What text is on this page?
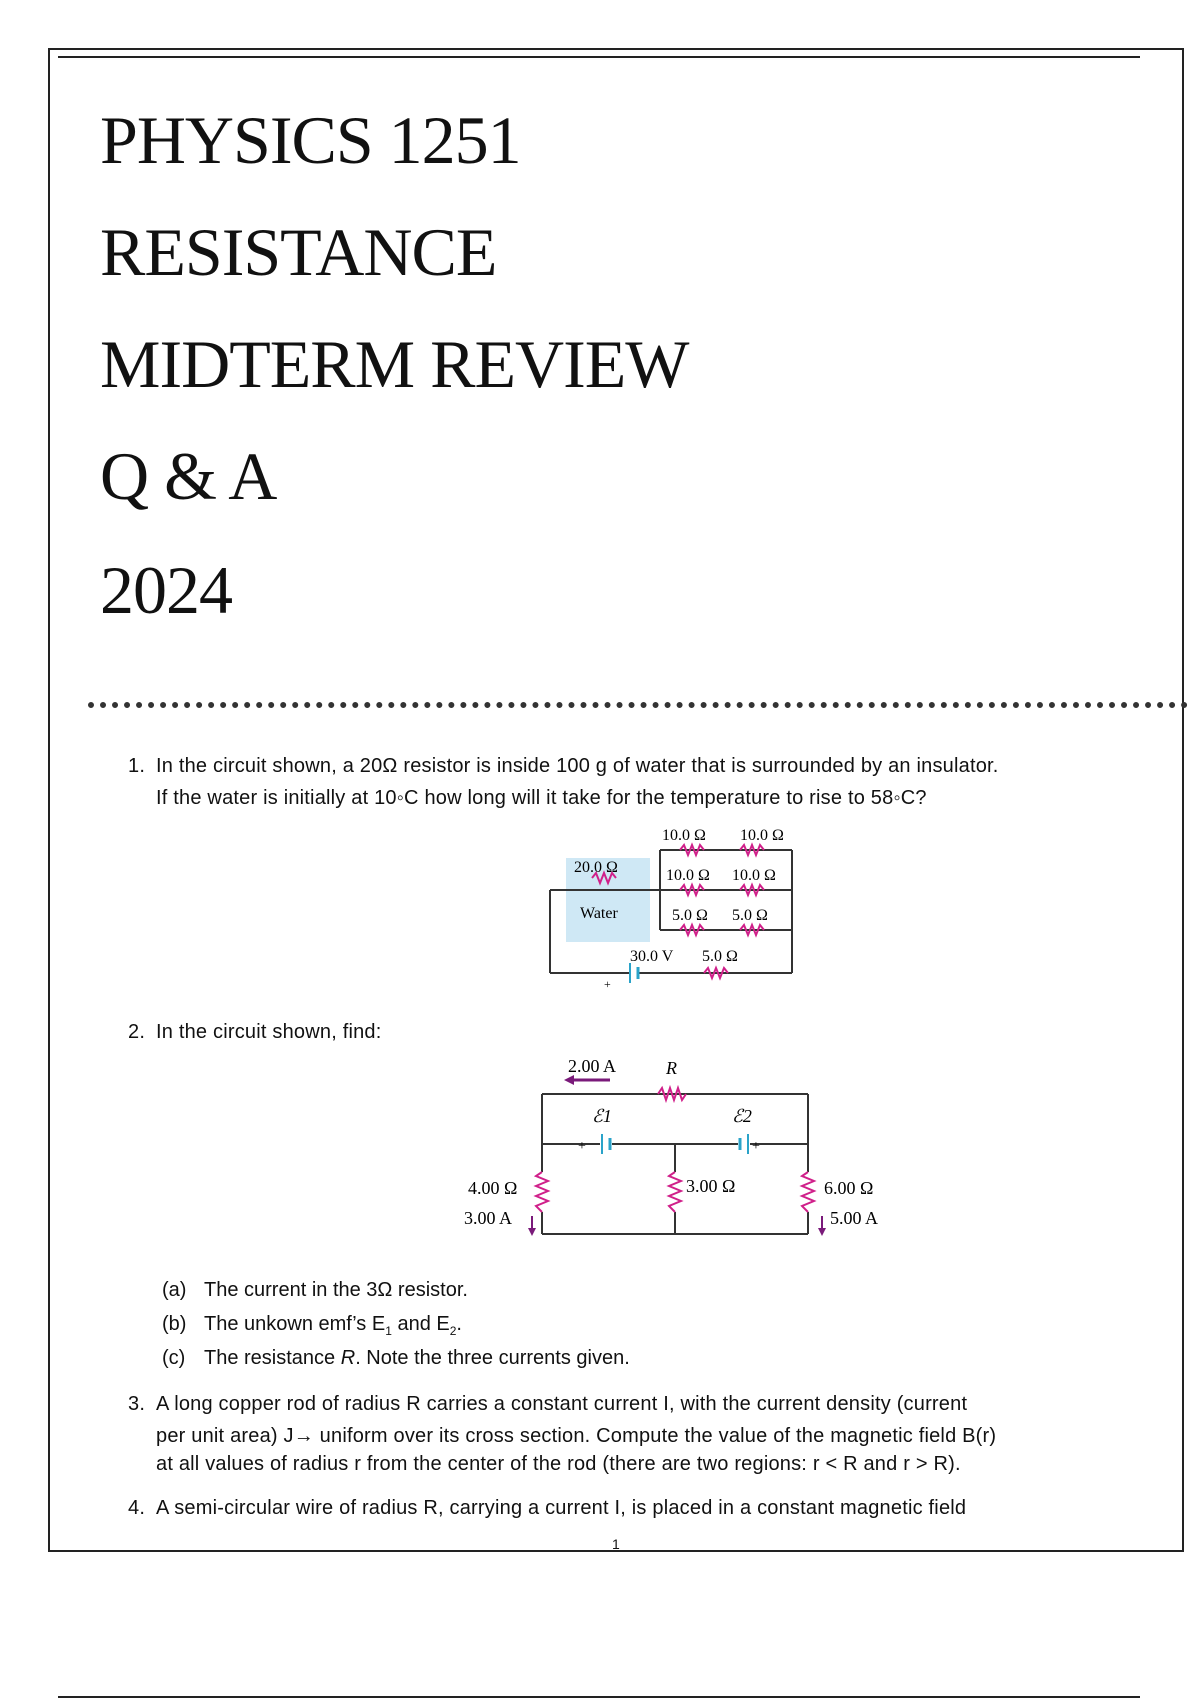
PHYSICS 1251
RESISTANCE
MIDTERM REVIEW
Q & A
2024
1. In the circuit shown, a 20Ω resistor is inside 100 g of water that is surrounded by an insulator.
If the water is initially at 10◦C how long will it take for the temperature to rise to 58◦C?
10.0 Ω 10.0 Ω
20.0 Ω
Water
10.0 Ω 10.0 Ω
5.0 Ω 5.0 Ω
30.0 V 5.0 Ω
+
2. In the circuit shown, find:
2.00 A	R
ℰ1	ℰ2
+	+
4.00 Ω
3.00 A
3.00 Ω	6.00 Ω
5.00 A
(a) The current in the 3Ω resistor.
(b) The unkown emf’s $E_1$ and $E_2$.
(c) The resistance R. Note the three currents given.
3. A long copper rod of radius R carries a constant current I, with the current density (current
per unit area) J→ uniform over its cross section. Compute the value of the magnetic field B(r)
at all values of radius r from the center of the rod (there are two regions: r < R and r > R).
4. A semi-circular wire of radius R, carrying a current I, is placed in a constant magnetic field
1
